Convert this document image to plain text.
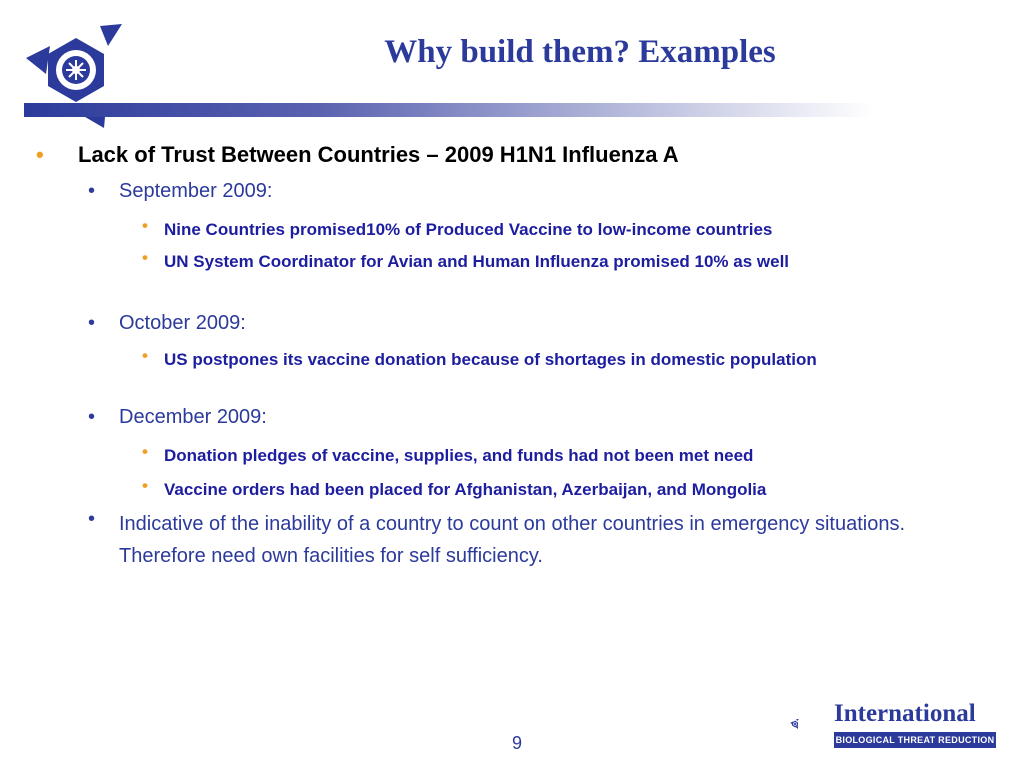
Why build them? Examples
• Lack of Trust Between Countries – 2009 H1N1 Influenza A
• September 2009:
• Nine Countries promised10% of Produced Vaccine to low-income countries
• UN System Coordinator for Avian and Human Influenza promised 10% as well
• October 2009:
• US postpones its vaccine donation because of shortages in domestic population
• December 2009:
• Donation pledges of vaccine, supplies, and funds had not been met need
• Vaccine orders had been placed for Afghanistan, Azerbaijan, and Mongolia
• Indicative of the inability of a country to count on other countries in emergency situations. Therefore need own facilities for self sufficiency.
9
International
BIOLOGICAL THREAT REDUCTION
